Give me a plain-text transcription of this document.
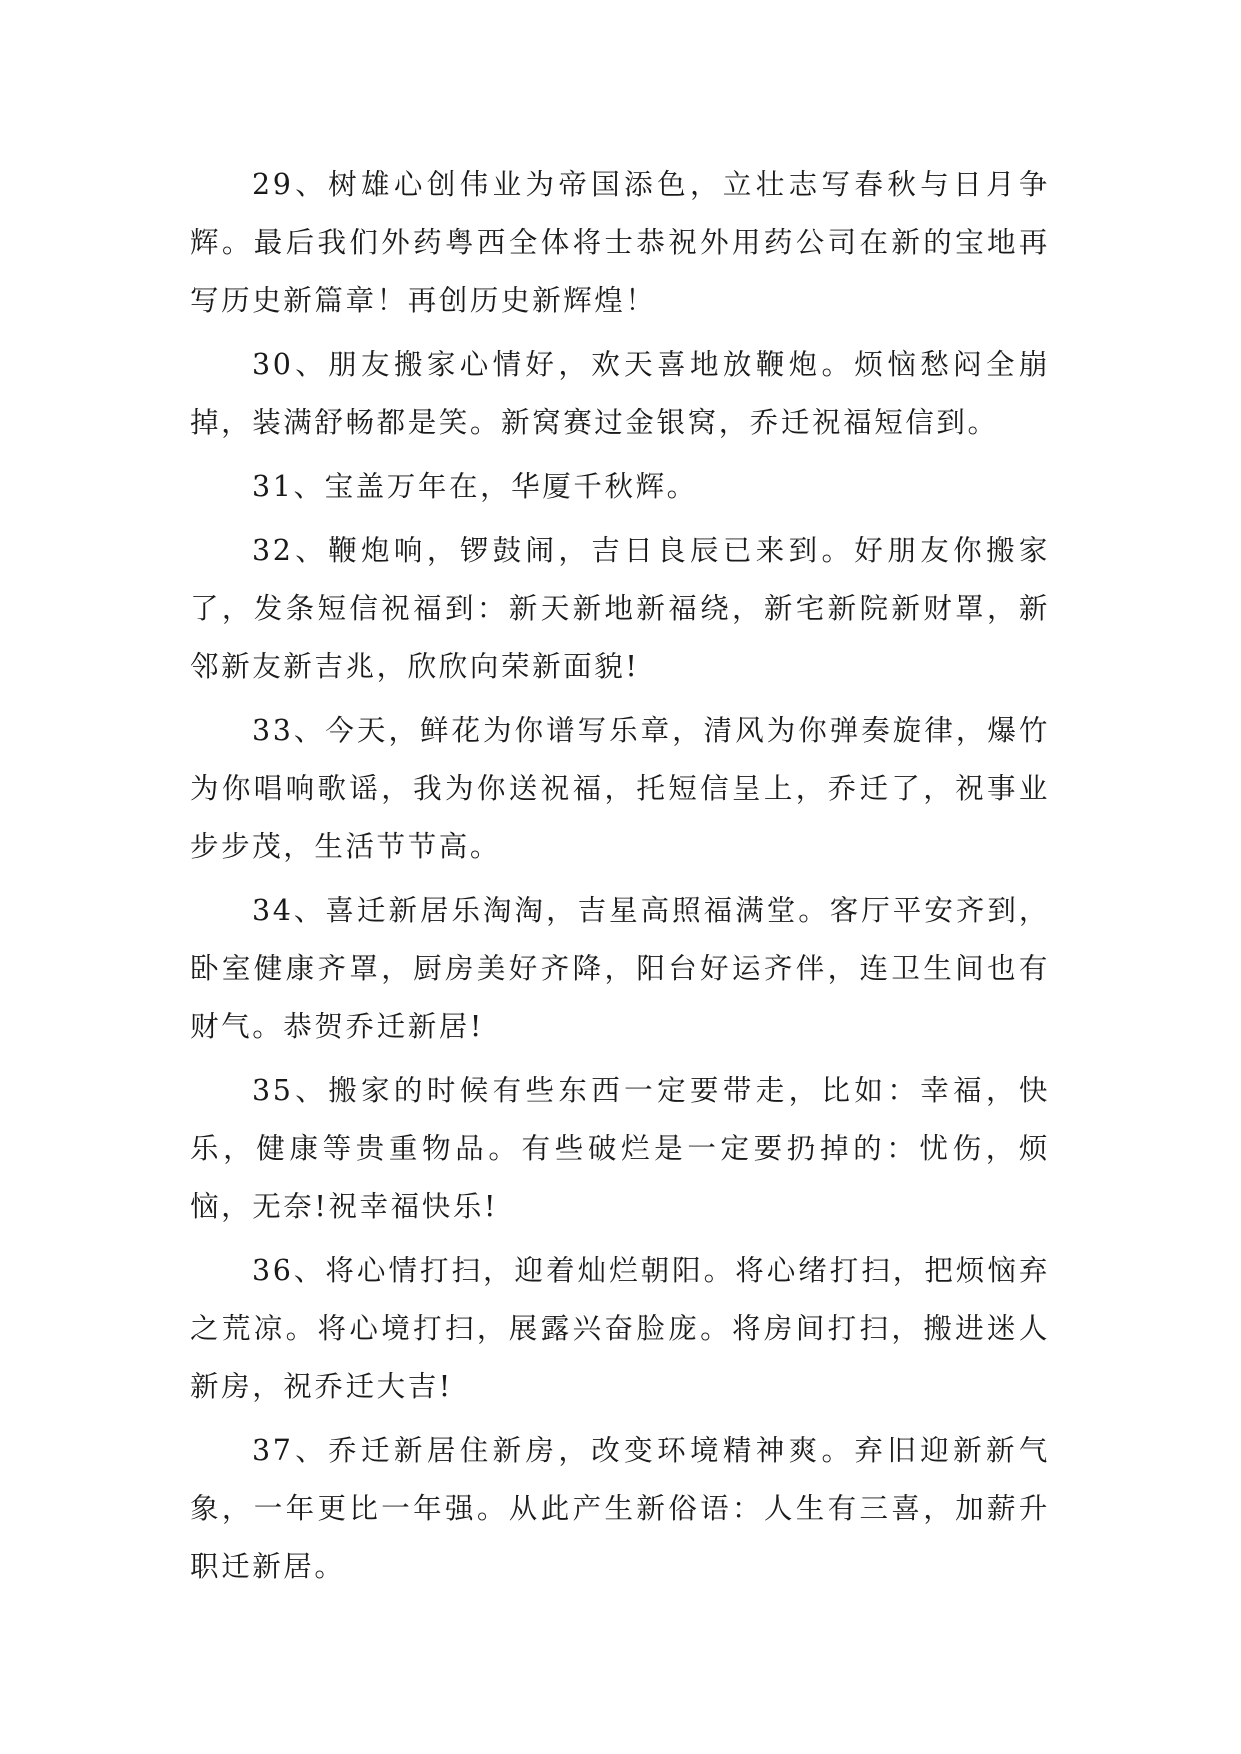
29、树雄心创伟业为帝国添色，立壮志写春秋与日月争辉。最后我们外药粤西全体将士恭祝外用药公司在新的宝地再写历史新篇章！再创历史新辉煌！

30、朋友搬家心情好，欢天喜地放鞭炮。烦恼愁闷全崩掉，装满舒畅都是笑。新窝赛过金银窝，乔迁祝福短信到。

31、宝盖万年在，华厦千秋辉。

32、鞭炮响，锣鼓闹，吉日良辰已来到。好朋友你搬家了，发条短信祝福到：新天新地新福绕，新宅新院新财罩，新邻新友新吉兆，欣欣向荣新面貌!

33、今天，鲜花为你谱写乐章，清风为你弹奏旋律，爆竹为你唱响歌谣，我为你送祝福，托短信呈上，乔迁了，祝事业步步茂，生活节节高。

34、喜迁新居乐淘淘，吉星高照福满堂。客厅平安齐到，卧室健康齐罩，厨房美好齐降，阳台好运齐伴，连卫生间也有财气。恭贺乔迁新居!

35、搬家的时候有些东西一定要带走，比如：幸福，快乐，健康等贵重物品。有些破烂是一定要扔掉的：忧伤，烦恼，无奈!祝幸福快乐!

36、将心情打扫，迎着灿烂朝阳。将心绪打扫，把烦恼弃之荒凉。将心境打扫，展露兴奋脸庞。将房间打扫，搬进迷人新房，祝乔迁大吉!

37、乔迁新居住新房，改变环境精神爽。弃旧迎新新气象，一年更比一年强。从此产生新俗语：人生有三喜，加薪升职迁新居。
